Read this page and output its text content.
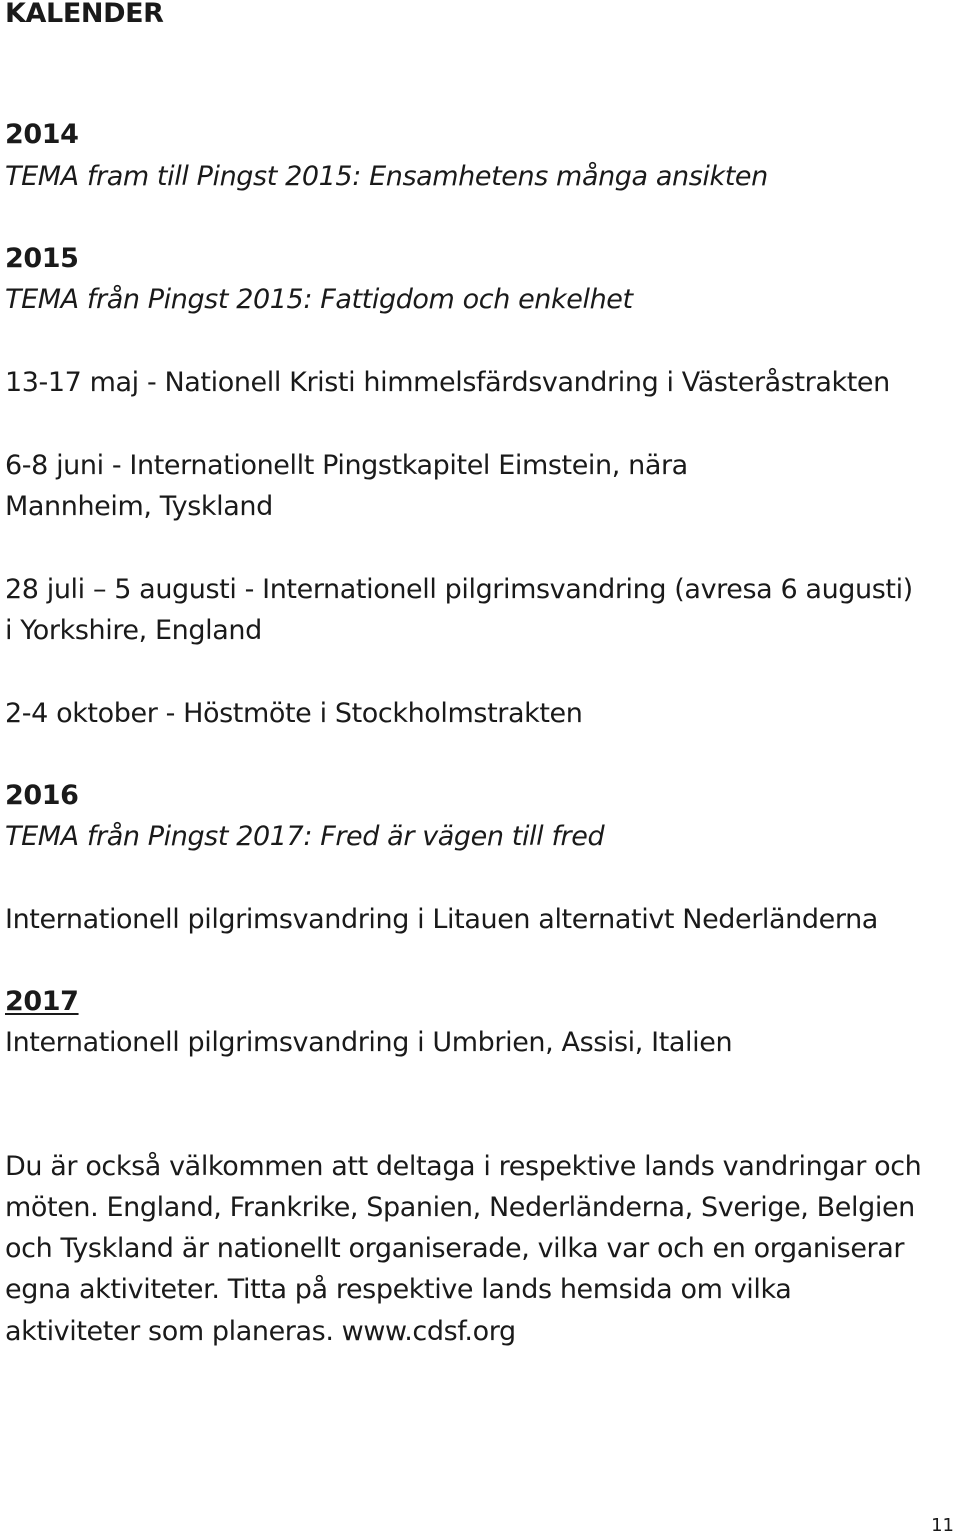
KALENDER
2014
TEMA fram till Pingst 2015: Ensamhetens många ansikten
2015
TEMA från Pingst 2015: Fattigdom och enkelhet
13-17 maj - Nationell Kristi himmelsfärdsvandring i Västeråstrakten
6-8 juni - Internationellt Pingstkapitel Eimstein, nära
Mannheim, Tyskland
28 juli – 5 augusti - Internationell pilgrimsvandring (avresa 6 augusti)
i Yorkshire, England
2-4 oktober - Höstmöte i Stockholmstrakten
2016
TEMA från Pingst 2017: Fred är vägen till fred
Internationell pilgrimsvandring i Litauen alternativt Nederländerna
2017
Internationell pilgrimsvandring i Umbrien, Assisi, Italien
Du är också välkommen att deltaga i respektive lands vandringar och
möten. England, Frankrike, Spanien, Nederländerna, Sverige, Belgien
och Tyskland är nationellt organiserade, vilka var och en organiserar
egna aktiviteter. Titta på respektive lands hemsida om vilka
aktiviteter som planeras. www.cdsf.org
11
